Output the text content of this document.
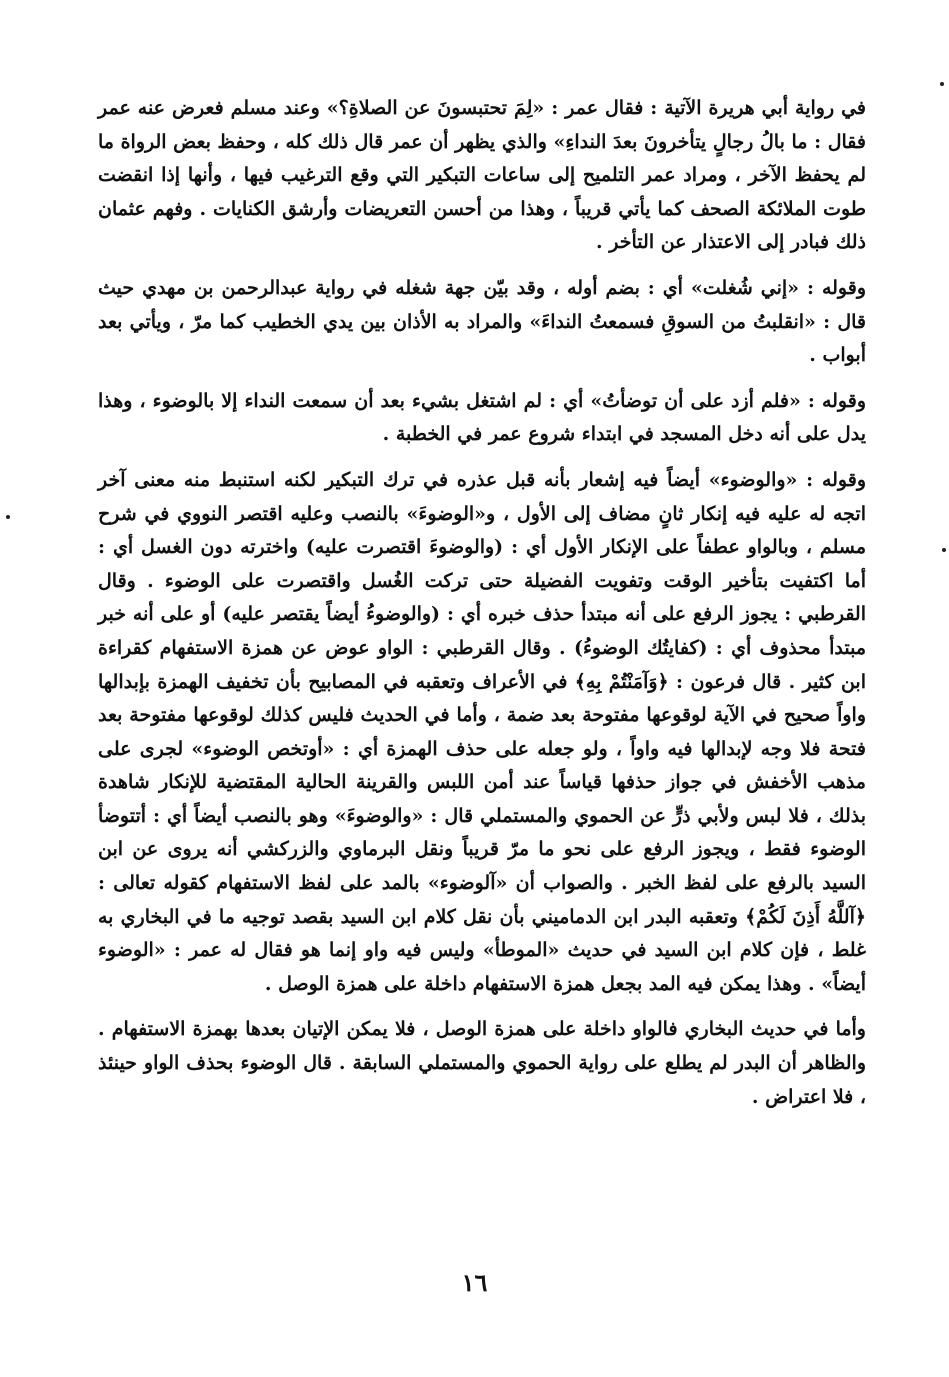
في رواية أبي هريرة الآتية : فقال عمر : «لِمَ تحتبسونَ عن الصلاةِ؟» وعند مسلم فعرض عنه عمر فقال : ما بالُ رجالٍ يتأخرونَ بعدَ النداءِ» والذي يظهر أن عمر قال ذلك كله ، وحفظ بعض الرواة ما لم يحفظ الآخر ، ومراد عمر التلميح إلى ساعات التبكير التي وقع الترغيب فيها ، وأنها إذا انقضت طوت الملائكة الصحف كما يأتي قريباً ، وهذا من أحسن التعريضات وأرشق الكنايات . وفهم عثمان ذلك فبادر إلى الاعتذار عن التأخر .

وقوله : «إني شُغلت» أي : بضم أوله ، وقد بيّن جهة شغله في رواية عبدالرحمن بن مهدي حيث قال : «انقلبتُ من السوقِ فسمعتُ النداءَ» والمراد به الأذان بين يدي الخطيب كما مرّ ، ويأتي بعد أبواب .

وقوله : «فلم أزد على أن توضأتُ» أي : لم اشتغل بشيء بعد أن سمعت النداء إلا بالوضوء ، وهذا يدل على أنه دخل المسجد في ابتداء شروع عمر في الخطبة .

وقوله : «والوضوء» أيضاً فيه إشعار بأنه قبل عذره في ترك التبكير لكنه استنبط منه معنى آخر اتجه له عليه فيه إنكار ثانٍ مضاف إلى الأول ، و«الوضوءَ» بالنصب وعليه اقتصر النووي في شرح مسلم ، وبالواو عطفاً على الإنكار الأول أي : (والوضوءَ اقتصرت عليه) واخترته دون الغسل أي : أما اكتفيت بتأخير الوقت وتفويت الفضيلة حتى تركت الغُسل واقتصرت على الوضوء . وقال القرطبي : يجوز الرفع على أنه مبتدأ حذف خبره أي : (والوضوءُ أيضاً يقتصر عليه) أو على أنه خبر مبتدأ محذوف أي : (كفايتُك الوضوءُ) . وقال القرطبي : الواو عوض عن همزة الاستفهام كقراءة ابن كثير . قال فرعون : ﴿وَآمَنْتُمْ بِهِ﴾ في الأعراف وتعقبه في المصابيح بأن تخفيف الهمزة بإبدالها واواً صحيح في الآية لوقوعها مفتوحة بعد ضمة ، وأما في الحديث فليس كذلك لوقوعها مفتوحة بعد فتحة فلا وجه لإبدالها فيه واواً ، ولو جعله على حذف الهمزة أي : «أوتخص الوضوء» لجرى على مذهب الأخفش في جواز حذفها قياساً عند أمن اللبس والقرينة الحالية المقتضية للإنكار شاهدة بذلك ، فلا لبس ولأبي ذرٍّ عن الحموي والمستملي قال : «والوضوءَ» وهو بالنصب أيضاً أي : أتتوضأ الوضوء فقط ، ويجوز الرفع على نحو ما مرّ قريباً ونقل البرماوي والزركشي أنه يروى عن ابن السيد بالرفع على لفظ الخبر . والصواب أن «آلوضوء» بالمد على لفظ الاستفهام كقوله تعالى : ﴿آللَّهُ أَذِنَ لَكُمْ﴾ وتعقبه البدر ابن الدماميني بأن نقل كلام ابن السيد بقصد توجيه ما في البخاري به غلط ، فإن كلام ابن السيد في حديث «الموطأ» وليس فيه واو إنما هو فقال له عمر : «الوضوء أيضاً» . وهذا يمكن فيه المد بجعل همزة الاستفهام داخلة على همزة الوصل .

وأما في حديث البخاري فالواو داخلة على همزة الوصل ، فلا يمكن الإتيان بعدها بهمزة الاستفهام . والظاهر أن البدر لم يطلع على رواية الحموي والمستملي السابقة . قال الوضوء بحذف الواو حينئذ ، فلا اعتراض .

١٦
